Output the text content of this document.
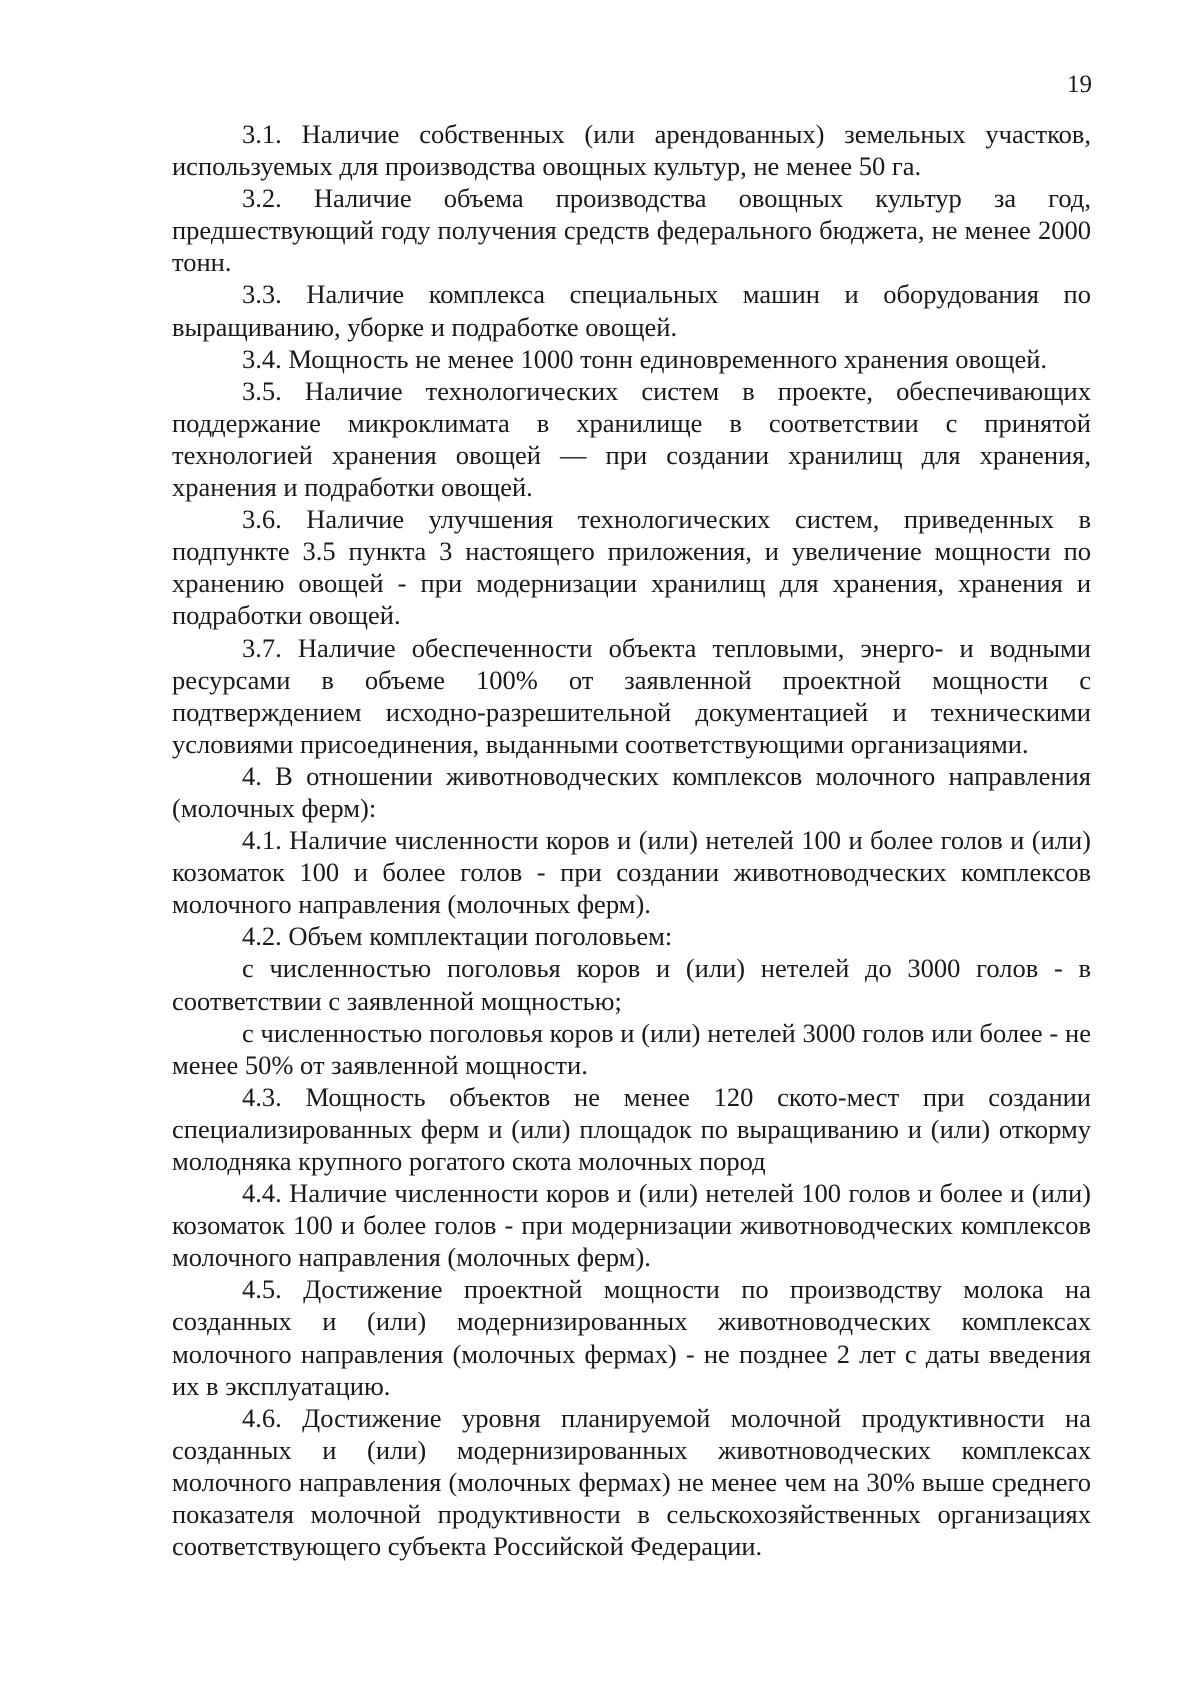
19

3.1. Наличие собственных (или арендованных) земельных участков, используемых для производства овощных культур, не менее 50 га.

3.2. Наличие объема производства овощных культур за год, предшествующий году получения средств федерального бюджета, не менее 2000 тонн.

3.3. Наличие комплекса специальных машин и оборудования по выращиванию, уборке и подработке овощей.

3.4. Мощность не менее 1000 тонн единовременного хранения овощей.

3.5. Наличие технологических систем в проекте, обеспечивающих поддержание микроклимата в хранилище в соответствии с принятой технологией хранения овощей — при создании хранилищ для хранения, хранения и подработки овощей.

3.6. Наличие улучшения технологических систем, приведенных в подпункте 3.5 пункта 3 настоящего приложения, и увеличение мощности по хранению овощей - при модернизации хранилищ для хранения, хранения и подработки овощей.

3.7. Наличие обеспеченности объекта тепловыми, энерго- и водными ресурсами в объеме 100% от заявленной проектной мощности с подтверждением исходно-разрешительной документацией и техническими условиями присоединения, выданными соответствующими организациями.

4. В отношении животноводческих комплексов молочного направления (молочных ферм):

4.1. Наличие численности коров и (или) нетелей 100 и более голов и (или) козоматок 100 и более голов - при создании животноводческих комплексов молочного направления (молочных ферм).

4.2. Объем комплектации поголовьем:

с численностью поголовья коров и (или) нетелей до 3000 голов - в соответствии с заявленной мощностью;

с численностью поголовья коров и (или) нетелей 3000 голов или более - не менее 50% от заявленной мощности.

4.3. Мощность объектов не менее 120 ското-мест при создании специализированных ферм и (или) площадок по выращиванию и (или) откорму молодняка крупного рогатого скота молочных пород

4.4. Наличие численности коров и (или) нетелей 100 голов и более и (или) козоматок 100 и более голов - при модернизации животноводческих комплексов молочного направления (молочных ферм).

4.5. Достижение проектной мощности по производству молока на созданных и (или) модернизированных животноводческих комплексах молочного направления (молочных фермах) - не позднее 2 лет с даты введения их в эксплуатацию.

4.6. Достижение уровня планируемой молочной продуктивности на созданных и (или) модернизированных животноводческих комплексах молочного направления (молочных фермах) не менее чем на 30% выше среднего показателя молочной продуктивности в сельскохозяйственных организациях соответствующего субъекта Российской Федерации.
